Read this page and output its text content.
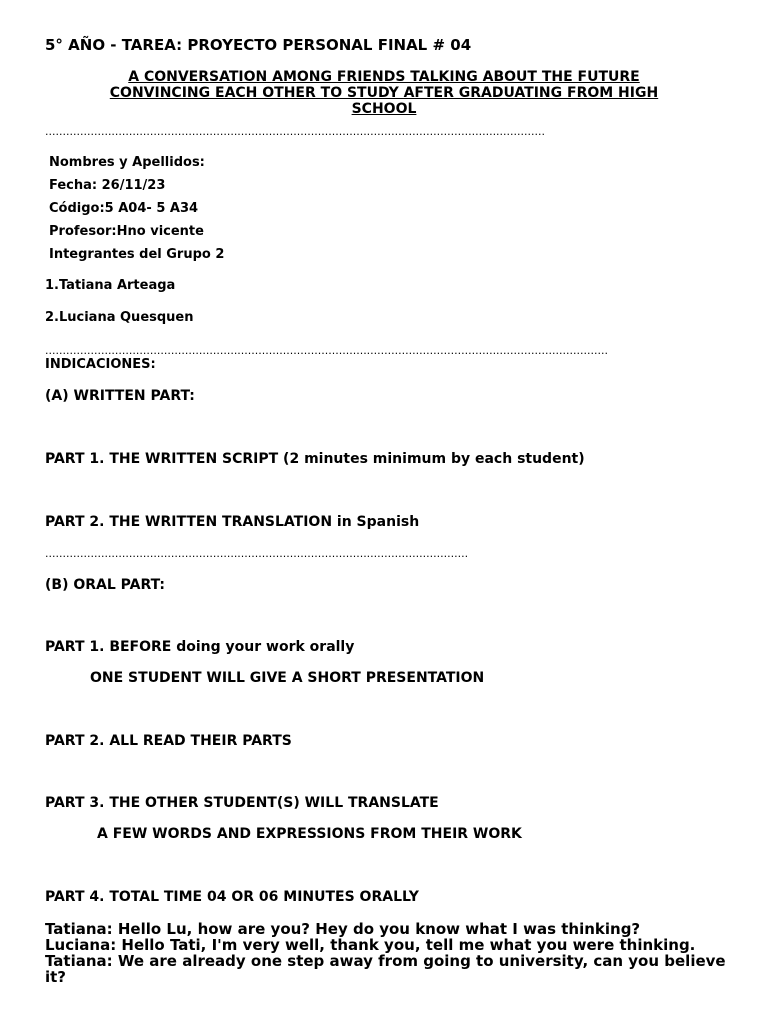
5° AÑO - TAREA: PROYECTO PERSONAL FINAL # 04
A CONVERSATION AMONG FRIENDS TALKING ABOUT THE FUTURE
CONVINCING EACH OTHER TO STUDY AFTER GRADUATING FROM HIGH
SCHOOL
...............................................................................................................................................
Nombres y Apellidos:
Fecha: 26/11/23
Código:5 A04- 5 A34
Profesor:Hno vicente
Integrantes del Grupo 2
1.Tatiana Arteaga
2.Luciana Quesquen
.................................................................................................................................................................
INDICACIONES:
(A) WRITTEN PART:
PART 1. THE WRITTEN SCRIPT (2 minutes minimum by each student)
PART 2. THE WRITTEN TRANSLATION in Spanish
.........................................................................................................................
(B) ORAL PART:
PART 1. BEFORE doing your work orally
ONE STUDENT WILL GIVE A SHORT PRESENTATION
PART 2. ALL READ THEIR PARTS
PART 3. THE OTHER STUDENT(S) WILL TRANSLATE
A FEW WORDS AND EXPRESSIONS FROM THEIR WORK
PART 4. TOTAL TIME 04 OR 06 MINUTES ORALLY

Tatiana: Hello Lu, how are you? Hey do you know what I was thinking?

Luciana: Hello Tati, I'm very well, thank you, tell me what you were thinking.

Tatiana: We are already one step away from going to university, can you believe it?
